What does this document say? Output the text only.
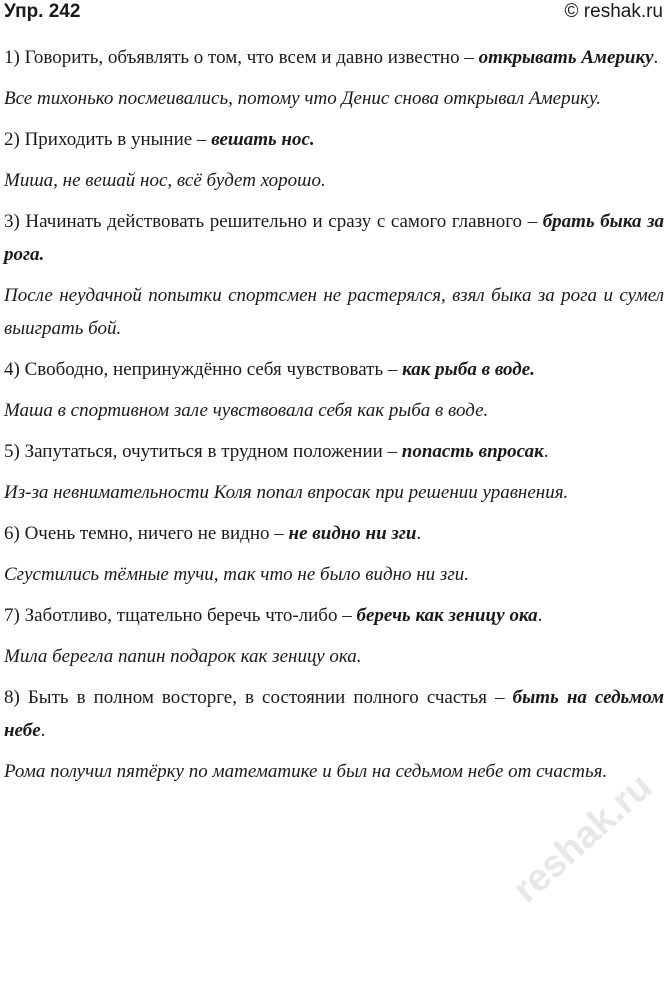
Упр. 242	© reshak.ru

1) Говорить, объявлять о том, что всем и давно известно – открывать Америку.

Все тихонько посмеивались, потому что Денис снова открывал Америку.

2) Приходить в уныние – вешать нос.

Миша, не вешай нос, всё будет хорошо.

3) Начинать действовать решительно и сразу с самого главного – брать быка за рога.

После неудачной попытки спортсмен не растерялся, взял быка за рога и сумел выиграть бой.

4) Свободно, непринуждённо себя чувствовать – как рыба в воде.

Маша в спортивном зале чувствовала себя как рыба в воде.

5) Запутаться, очутиться в трудном положении – попасть впросак.

Из-за невнимательности Коля попал впросак при решении уравнения.

6) Очень темно, ничего не видно – не видно ни зги.

Сгустились тёмные тучи, так что не было видно ни зги.

7) Заботливо, тщательно беречь что-либо – беречь как зеницу ока.

Мила берегла папин подарок как зеницу ока.

8) Быть в полном восторге, в состоянии полного счастья – быть на седьмом небе.

Рома получил пятёрку по математике и был на седьмом небе от счастья.

reshak.ru
